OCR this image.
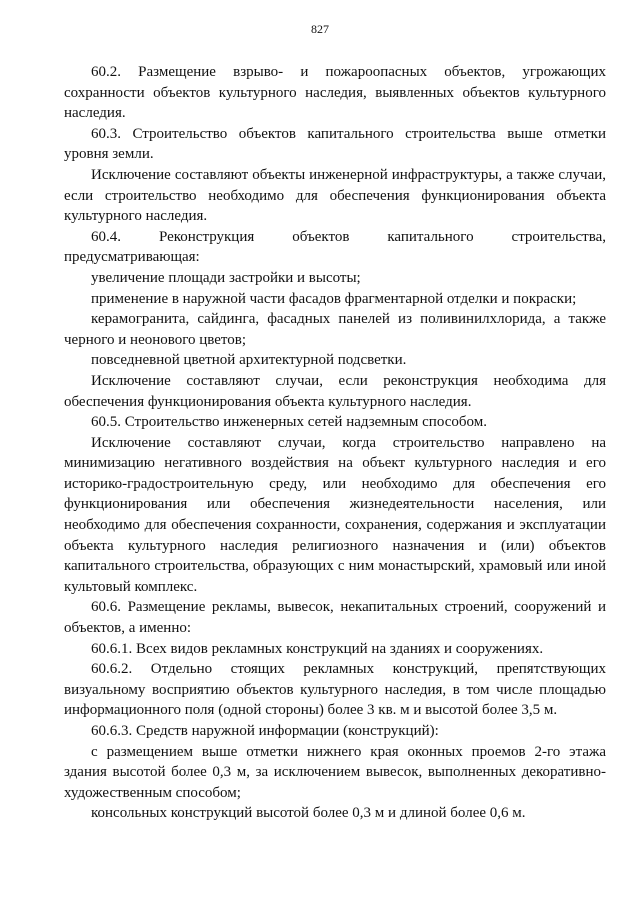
827

60.2. Размещение взрыво- и пожароопасных объектов, угрожающих сохранности объектов культурного наследия, выявленных объектов культурного наследия.

60.3. Строительство объектов капитального строительства выше отметки уровня земли.

Исключение составляют объекты инженерной инфраструктуры, а также случаи, если строительство необходимо для обеспечения функционирования объекта культурного наследия.

60.4. Реконструкция объектов капитального строительства, предусматривающая:

увеличение площади застройки и высоты;

применение в наружной части фасадов фрагментарной отделки и покраски;

керамогранита, сайдинга, фасадных панелей из поливинилхлорида, а также черного и неонового цветов;

повседневной цветной архитектурной подсветки.

Исключение составляют случаи, если реконструкция необходима для обеспечения функционирования объекта культурного наследия.

60.5. Строительство инженерных сетей надземным способом.

Исключение составляют случаи, когда строительство направлено на минимизацию негативного воздействия на объект культурного наследия и его историко-градостроительную среду, или необходимо для обеспечения его функционирования или обеспечения жизнедеятельности населения, или необходимо для обеспечения сохранности, сохранения, содержания и эксплуатации объекта культурного наследия религиозного назначения и (или) объектов капитального строительства, образующих с ним монастырский, храмовый или иной культовый комплекс.

60.6. Размещение рекламы, вывесок, некапитальных строений, сооружений и объектов, а именно:

60.6.1. Всех видов рекламных конструкций на зданиях и сооружениях.

60.6.2. Отдельно стоящих рекламных конструкций, препятствующих визуальному восприятию объектов культурного наследия, в том числе площадью информационного поля (одной стороны) более 3 кв. м и высотой более 3,5 м.

60.6.3. Средств наружной информации (конструкций):

с размещением выше отметки нижнего края оконных проемов 2-го этажа здания высотой более 0,3 м, за исключением вывесок, выполненных декоративно-художественным способом;

консольных конструкций высотой более 0,3 м и длиной более 0,6 м.
